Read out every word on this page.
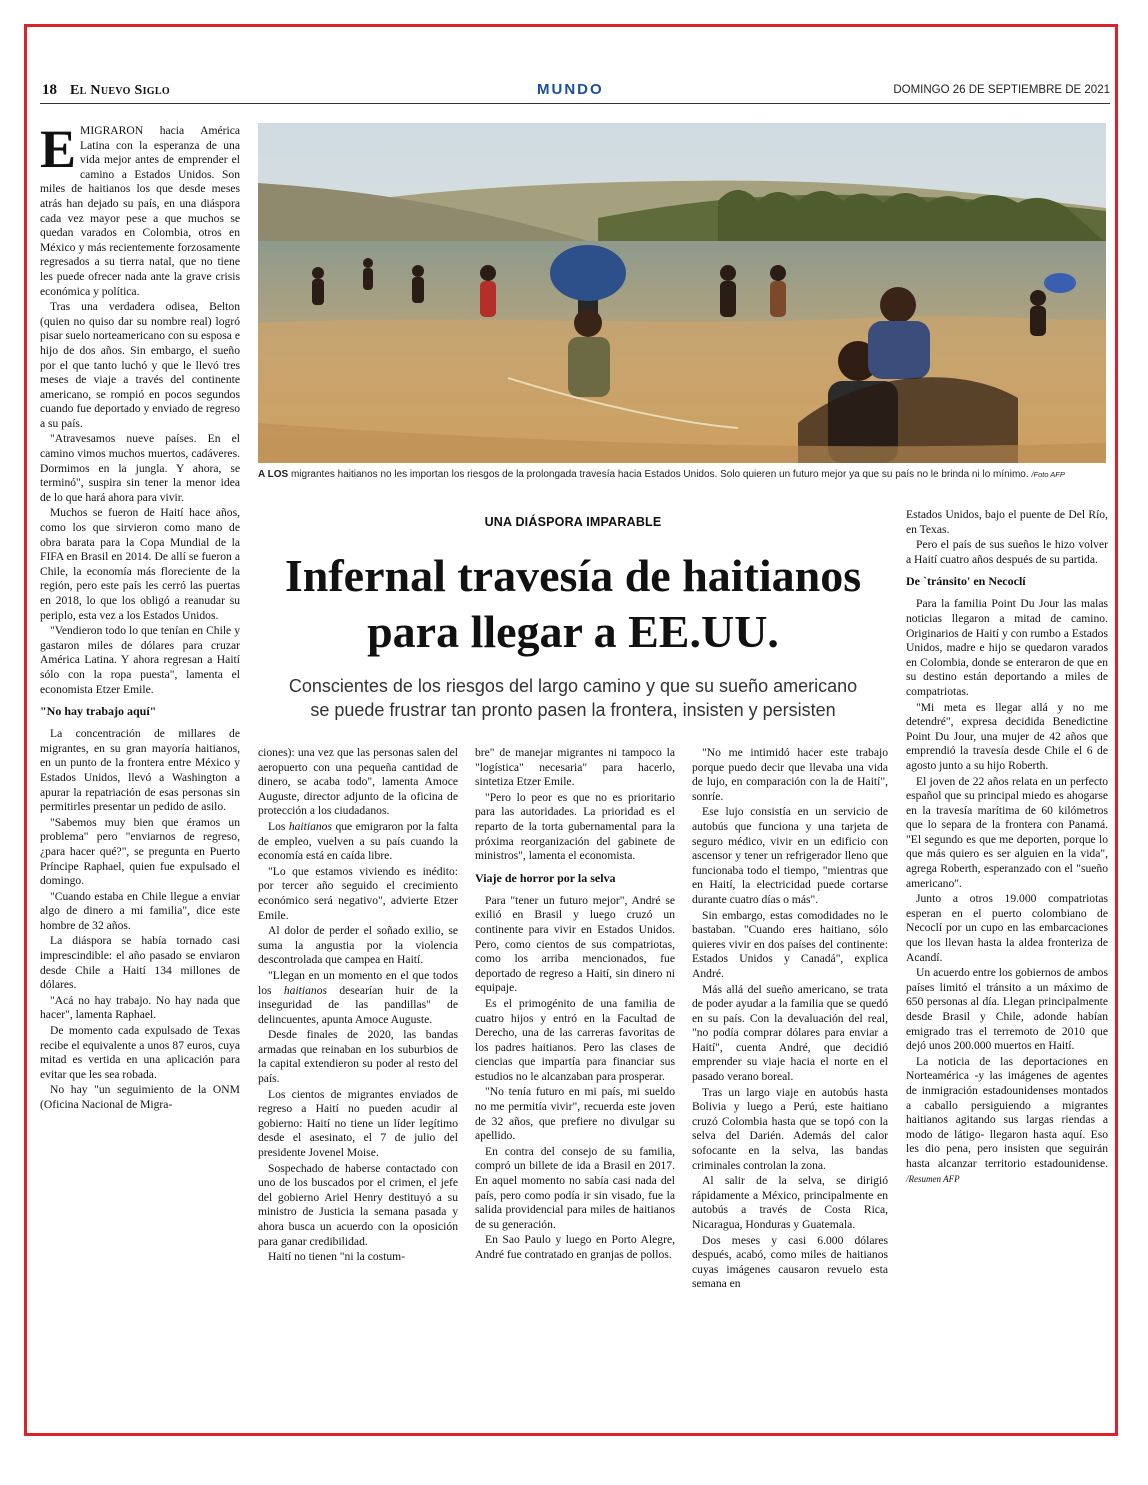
18 El Nuevo Siglo	MUNDO	DOMINGO 26 DE SEPTIEMBRE DE 2021

EMIGRARON hacia América Latina con la esperanza de una vida mejor antes de emprender el camino a Estados Unidos. Son miles de haitianos los que desde meses atrás han dejado su país, en una diáspora cada vez mayor pese a que muchos se quedan varados en Colombia, otros en México y más recientemente forzosamente regresados a su tierra natal, que no tiene les puede ofrecer nada ante la grave crisis económica y política.

Tras una verdadera odisea, Belton (quien no quiso dar su nombre real) logró pisar suelo norteamericano con su esposa e hijo de dos años. Sin embargo, el sueño por el que tanto luchó y que le llevó tres meses de viaje a través del continente americano, se rompió en pocos segundos cuando fue deportado y enviado de regreso a su país.

"Atravesamos nueve países. En el camino vimos muchos muertos, cadáveres. Dormimos en la jungla. Y ahora, se terminó", suspira sin tener la menor idea de lo que hará ahora para vivir.

Muchos se fueron de Haití hace años, como los que sirvieron como mano de obra barata para la Copa Mundial de la FIFA en Brasil en 2014. De allí se fueron a Chile, la economía más floreciente de la región, pero este país les cerró las puertas en 2018, lo que los obligó a reanudar su periplo, esta vez a los Estados Unidos.

"Vendieron todo lo que tenían en Chile y gastaron miles de dólares para cruzar América Latina. Y ahora regresan a Haití sólo con la ropa puesta", lamenta el economista Etzer Emile.

"No hay trabajo aquí"

La concentración de millares de migrantes, en su gran mayoría haitianos, en un punto de la frontera entre México y Estados Unidos, llevó a Washington a apurar la repatriación de esas personas sin permitirles presentar un pedido de asilo.

"Sabemos muy bien que éramos un problema" pero "enviarnos de regreso, ¿para hacer qué?", se pregunta en Puerto Príncipe Raphael, quien fue expulsado el domingo.

"Cuando estaba en Chile llegue a enviar algo de dinero a mi familia", dice este hombre de 32 años.

La diáspora se había tornado casi imprescindible: el año pasado se enviaron desde Chile a Haití 134 millones de dólares.

"Acá no hay trabajo. No hay nada que hacer", lamenta Raphael.

De momento cada expulsado de Texas recibe el equivalente a unos 87 euros, cuya mitad es vertida en una aplicación para evitar que les sea robada.

No hay "un seguimiento de la ONM (Oficina Nacional de Migra-

A LOS migrantes haitianos no les importan los riesgos de la prolongada travesía hacia Estados Unidos. Solo quieren un futuro mejor ya que su país no le brinda ni lo mínimo. /Foto AFP
UNA DIÁSPORA IMPARABLE
Infernal travesía de haitianos
para llegar a EE.UU.
Conscientes de los riesgos del largo camino y que su sueño americano
se puede frustrar tan pronto pasen la frontera, insisten y persisten

ciones): una vez que las personas salen del aeropuerto con una pequeña cantidad de dinero, se acaba todo", lamenta Amoce Auguste, director adjunto de la oficina de protección a los ciudadanos.

Los haitianos que emigraron por la falta de empleo, vuelven a su país cuando la economía está en caída libre.

"Lo que estamos viviendo es inédito: por tercer año seguido el crecimiento económico será negativo", advierte Etzer Emile.

Al dolor de perder el soñado exilio, se suma la angustia por la violencia descontrolada que campea en Haití.

"Llegan en un momento en el que todos los haitianos desearían huir de la inseguridad de las pandillas" de delincuentes, apunta Amoce Auguste.

Desde finales de 2020, las bandas armadas que reinaban en los suburbios de la capital extendieron su poder al resto del país.

Los cientos de migrantes enviados de regreso a Haití no pueden acudir al gobierno: Haití no tiene un líder legítimo desde el asesinato, el 7 de julio del presidente Jovenel Moise.

Sospechado de haberse contactado con uno de los buscados por el crimen, el jefe del gobierno Ariel Henry destituyó a su ministro de Justicia la semana pasada y ahora busca un acuerdo con la oposición para ganar credibilidad.

Haití no tienen "ni la costum-

bre" de manejar migrantes ni tampoco la "logística" necesaria" para hacerlo, sintetiza Etzer Emile.

"Pero lo peor es que no es prioritario para las autoridades. La prioridad es el reparto de la torta gubernamental para la próxima reorganización del gabinete de ministros", lamenta el economista.

Viaje de horror por la selva

Para "tener un futuro mejor", André se exilió en Brasil y luego cruzó un continente para vivir en Estados Unidos. Pero, como cientos de sus compatriotas, como los arriba mencionados, fue deportado de regreso a Haití, sin dinero ni equipaje.

Es el primogénito de una familia de cuatro hijos y entró en la Facultad de Derecho, una de las carreras favoritas de los padres haitianos. Pero las clases de ciencias que impartía para financiar sus estudios no le alcanzaban para prosperar.

"No tenía futuro en mi país, mi sueldo no me permitía vivir", recuerda este joven de 32 años, que prefiere no divulgar su apellido.

En contra del consejo de su familia, compró un billete de ida a Brasil en 2017. En aquel momento no sabía casi nada del país, pero como podía ir sin visado, fue la salida providencial para miles de haitianos de su generación.

En Sao Paulo y luego en Porto Alegre, André fue contratado en granjas de pollos.

"No me intimidó hacer este trabajo porque puedo decir que llevaba una vida de lujo, en comparación con la de Haití", sonríe.

Ese lujo consistía en un servicio de autobús que funciona y una tarjeta de seguro médico, vivir en un edificio con ascensor y tener un refrigerador lleno que funcionaba todo el tiempo, "mientras que en Haití, la electricidad puede cortarse durante cuatro días o más".

Sin embargo, estas comodidades no le bastaban. "Cuando eres haitiano, sólo quieres vivir en dos países del continente: Estados Unidos y Canadá", explica André.

Más allá del sueño americano, se trata de poder ayudar a la familia que se quedó en su país. Con la devaluación del real, "no podía comprar dólares para enviar a Haití", cuenta André, que decidió emprender su viaje hacia el norte en el pasado verano boreal.

Tras un largo viaje en autobús hasta Bolivia y luego a Perú, este haitiano cruzó Colombia hasta que se topó con la selva del Darién. Además del calor sofocante en la selva, las bandas criminales controlan la zona.

Al salir de la selva, se dirigió rápidamente a México, principalmente en autobús a través de Costa Rica, Nicaragua, Honduras y Guatemala.

Dos meses y casi 6.000 dólares después, acabó, como miles de haitianos cuyas imágenes causaron revuelo esta semana en

Estados Unidos, bajo el puente de Del Río, en Texas.

Pero el país de sus sueños le hizo volver a Haití cuatro años después de su partida.

De `tránsito' en Necoclí

Para la familia Point Du Jour las malas noticias llegaron a mitad de camino. Originarios de Haití y con rumbo a Estados Unidos, madre e hijo se quedaron varados en Colombia, donde se enteraron de que en su destino están deportando a miles de compatriotas.

"Mi meta es llegar allá y no me detendré", expresa decidida Benedictine Point Du Jour, una mujer de 42 años que emprendió la travesía desde Chile el 6 de agosto junto a su hijo Roberth.

El joven de 22 años relata en un perfecto español que su principal miedo es ahogarse en la travesía marítima de 60 kilómetros que lo separa de la frontera con Panamá. "El segundo es que me deporten, porque lo que más quiero es ser alguien en la vida", agrega Roberth, esperanzado con el "sueño americano".

Junto a otros 19.000 compatriotas esperan en el puerto colombiano de Necoclí por un cupo en las embarcaciones que los llevan hasta la aldea fronteriza de Acandí.

Un acuerdo entre los gobiernos de ambos países limitó el tránsito a un máximo de 650 personas al día. Llegan principalmente desde Brasil y Chile, adonde habían emigrado tras el terremoto de 2010 que dejó unos 200.000 muertos en Haití.

La noticia de las deportaciones en Norteamérica -y las imágenes de agentes de inmigración estadounidenses montados a caballo persiguiendo a migrantes haitianos agitando sus largas riendas a modo de látigo- llegaron hasta aquí. Eso les dio pena, pero insisten que seguirán hasta alcanzar territorio estadounidense. /Resumen AFP
